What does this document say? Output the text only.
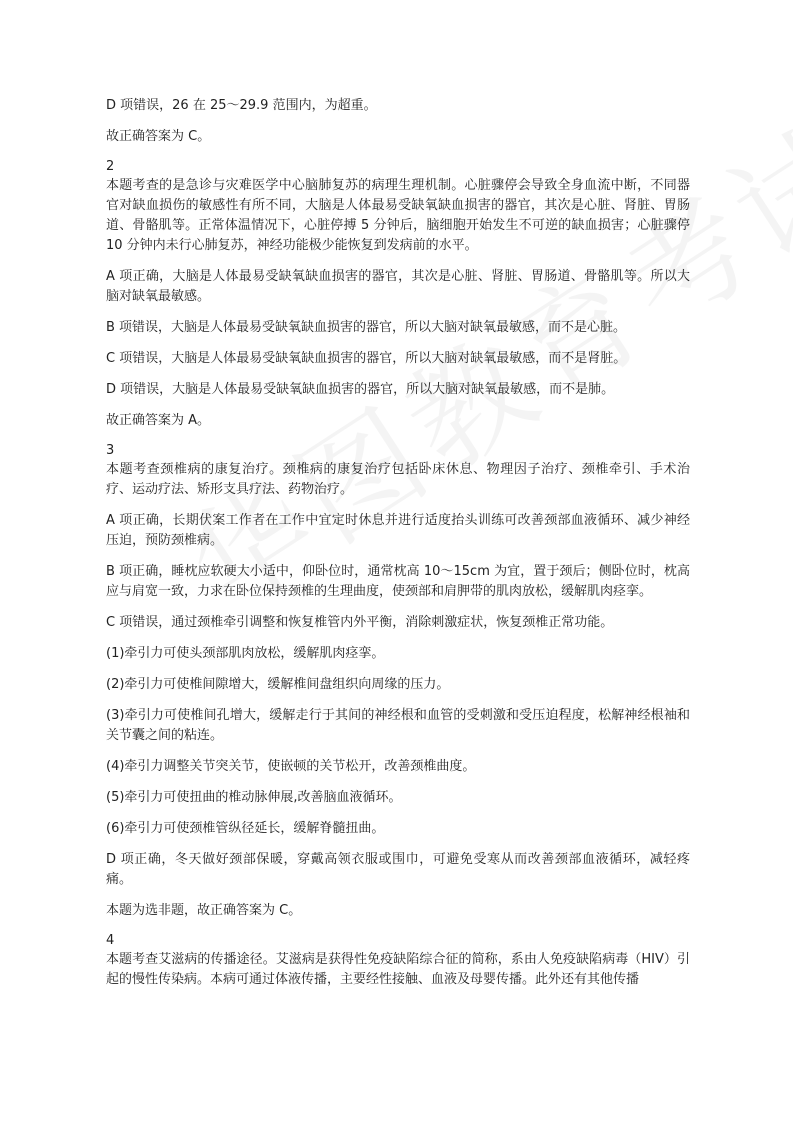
D 项错误，26 在 25～29.9 范围内，为超重。
故正确答案为 C。
2
本题考查的是急诊与灾难医学中心脑肺复苏的病理生理机制。心脏骤停会导致全身血流中断，不同器官对缺血损伤的敏感性有所不同，大脑是人体最易受缺氧缺血损害的器官，其次是心脏、肾脏、胃肠道、骨骼肌等。正常体温情况下，心脏停搏 5 分钟后，脑细胞开始发生不可逆的缺血损害；心脏骤停 10 分钟内未行心肺复苏，神经功能极少能恢复到发病前的水平。
A 项正确，大脑是人体最易受缺氧缺血损害的器官，其次是心脏、肾脏、胃肠道、骨骼肌等。所以大脑对缺氧最敏感。
B 项错误，大脑是人体最易受缺氧缺血损害的器官，所以大脑对缺氧最敏感，而不是心脏。
C 项错误，大脑是人体最易受缺氧缺血损害的器官，所以大脑对缺氧最敏感，而不是肾脏。
D 项错误，大脑是人体最易受缺氧缺血损害的器官，所以大脑对缺氧最敏感，而不是肺。
故正确答案为 A。
3
本题考查颈椎病的康复治疗。颈椎病的康复治疗包括卧床休息、物理因子治疗、颈椎牵引、手术治疗、运动疗法、矫形支具疗法、药物治疗。
A 项正确，长期伏案工作者在工作中宜定时休息并进行适度抬头训练可改善颈部血液循环、减少神经压迫，预防颈椎病。
B 项正确，睡枕应软硬大小适中，仰卧位时，通常枕高 10～15cm 为宜，置于颈后；侧卧位时，枕高应与肩宽一致，力求在卧位保持颈椎的生理曲度，使颈部和肩胛带的肌肉放松，缓解肌肉痉挛。
C 项错误，通过颈椎牵引调整和恢复椎管内外平衡，消除刺激症状，恢复颈椎正常功能。
(1)牵引力可使头颈部肌肉放松，缓解肌肉痉挛。
(2)牵引力可使椎间隙增大，缓解椎间盘组织向周缘的压力。
(3)牵引力可使椎间孔增大，缓解走行于其间的神经根和血管的受刺激和受压迫程度，松解神经根袖和关节囊之间的粘连。
(4)牵引力调整关节突关节，使嵌顿的关节松开，改善颈椎曲度。
(5)牵引力可使扭曲的椎动脉伸展,改善脑血液循环。
(6)牵引力可使颈椎管纵径延长，缓解脊髓扭曲。
D 项正确，冬天做好颈部保暖，穿戴高领衣服或围巾，可避免受寒从而改善颈部血液循环，减轻疼痛。
本题为选非题，故正确答案为 C。
4
本题考查艾滋病的传播途径。艾滋病是获得性免疫缺陷综合征的简称，系由人免疫缺陷病毒（HIV）引起的慢性传染病。本病可通过体液传播，主要经性接触、血液及母婴传播。此外还有其他传播
